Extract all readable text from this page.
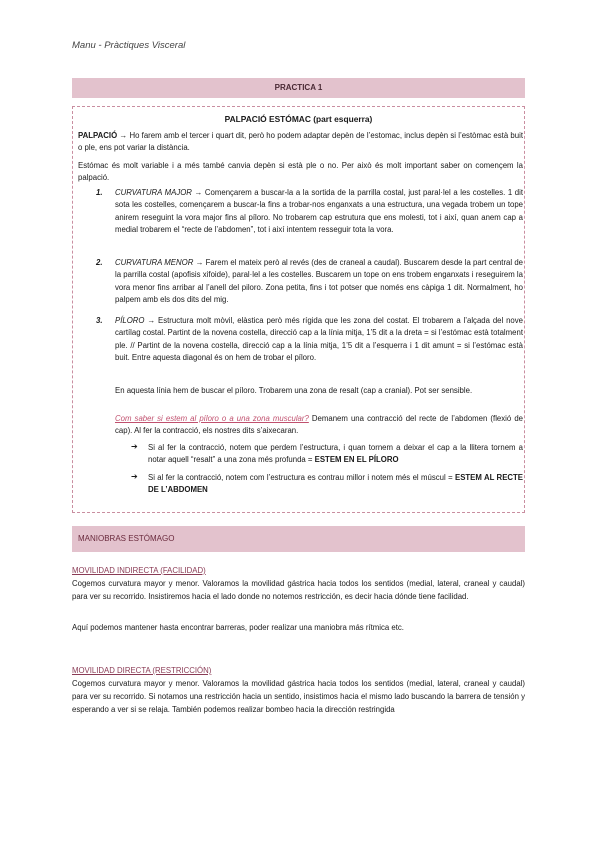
Manu - Pràctiques Visceral
PRACTICA 1
PALPACIÓ ESTÓMAC (part esquerra)
PALPACIÓ → Ho farem amb el tercer i quart dit, però ho podem adaptar depèn de l’estomac, inclus depèn si l’estòmac està buit o ple, ens pot variar la distància.
Estómac és molt variable i a més també canvia depèn si està ple o no. Per això és molt important saber on començem la palpació.
1. CURVATURA MAJOR → Començarem a buscar-la a la sortida de la parrilla costal, just paral·lel a les costelles. 1 dit sota les costelles, començarem a buscar-la fins a trobar-nos enganxats a una estructura, una vegada trobem un tope anirem reseguint la vora major fins al píloro. No trobarem cap estrutura que ens molesti, tot i així, quan anem cap a medial trobarem el “recte de l’abdomen”, tot i així intentem resseguir tota la vora.
2. CURVATURA MENOR → Farem el mateix però al revés (des de craneal a caudal). Buscarem desde la part central de la parrilla costal (apofisis xifoide), paral·lel a les costelles. Buscarem un tope on ens trobem enganxats i reseguirem la vora menor fins arribar al l’anell del piloro. Zona petita, fins i tot potser que només ens càpiga 1 dit. Normalment, ho palpem amb els dos dits del mig.
3. PÍLORO → Estructura molt mòvil, elàstica però més rígida que les zona del costat. El trobarem a l’alçada del nove cartílag costal. Partint de la novena costella, direcció cap a la línia mitja, 1’5 dit a la dreta = si l’estómac està totalment ple. // Partint de la novena costella, direcció cap a la línia mitja, 1’5 dit a l’esquerra i 1 dit amunt = si l’estómac està buit. Entre aquesta diagonal és on hem de trobar el píloro.
En aquesta línia hem de buscar el píloro. Trobarem una zona de resalt (cap a cranial). Pot ser sensible.
Com saber si estem al píloro o a una zona muscular? Demanem una contracció del recte de l’abdomen (flexió de cap). Al fer la contracció, els nostres dits s’aixecaran.
➔ Si al fer la contracció, notem que perdem l’estructura, i quan tornem a deixar el cap a la llitera tornem a notar aquell “resalt” a una zona més profunda = ESTEM EN EL PÍLORO
➔ Si al fer la contracció, notem com l’estructura es contrau millor i notem més el múscul = ESTEM AL RECTE DE L’ABDOMEN
MANIOBRAS ESTÓMAGO
MOVILIDAD INDIRECTA (FACILIDAD)
Cogemos curvatura mayor y menor. Valoramos la movilidad gástrica hacia todos los sentidos (medial, lateral, craneal y caudal) para ver su recorrido. Insistiremos hacia el lado donde no notemos restricción, es decir hacia dónde tiene facilidad.
Aquí podemos mantener hasta encontrar barreras, poder realizar una maniobra más rítmica etc.
MOVILIDAD DIRECTA (RESTRICCIÓN)
Cogemos curvatura mayor y menor. Valoramos la movilidad gástrica hacia todos los sentidos (medial, lateral, craneal y caudal) para ver su recorrido. Si notamos una restricción hacia un sentido, insistimos hacia el mismo lado buscando la barrera de tensión y esperando a ver si se relaja. También podemos realizar bombeo hacia la dirección restringida
